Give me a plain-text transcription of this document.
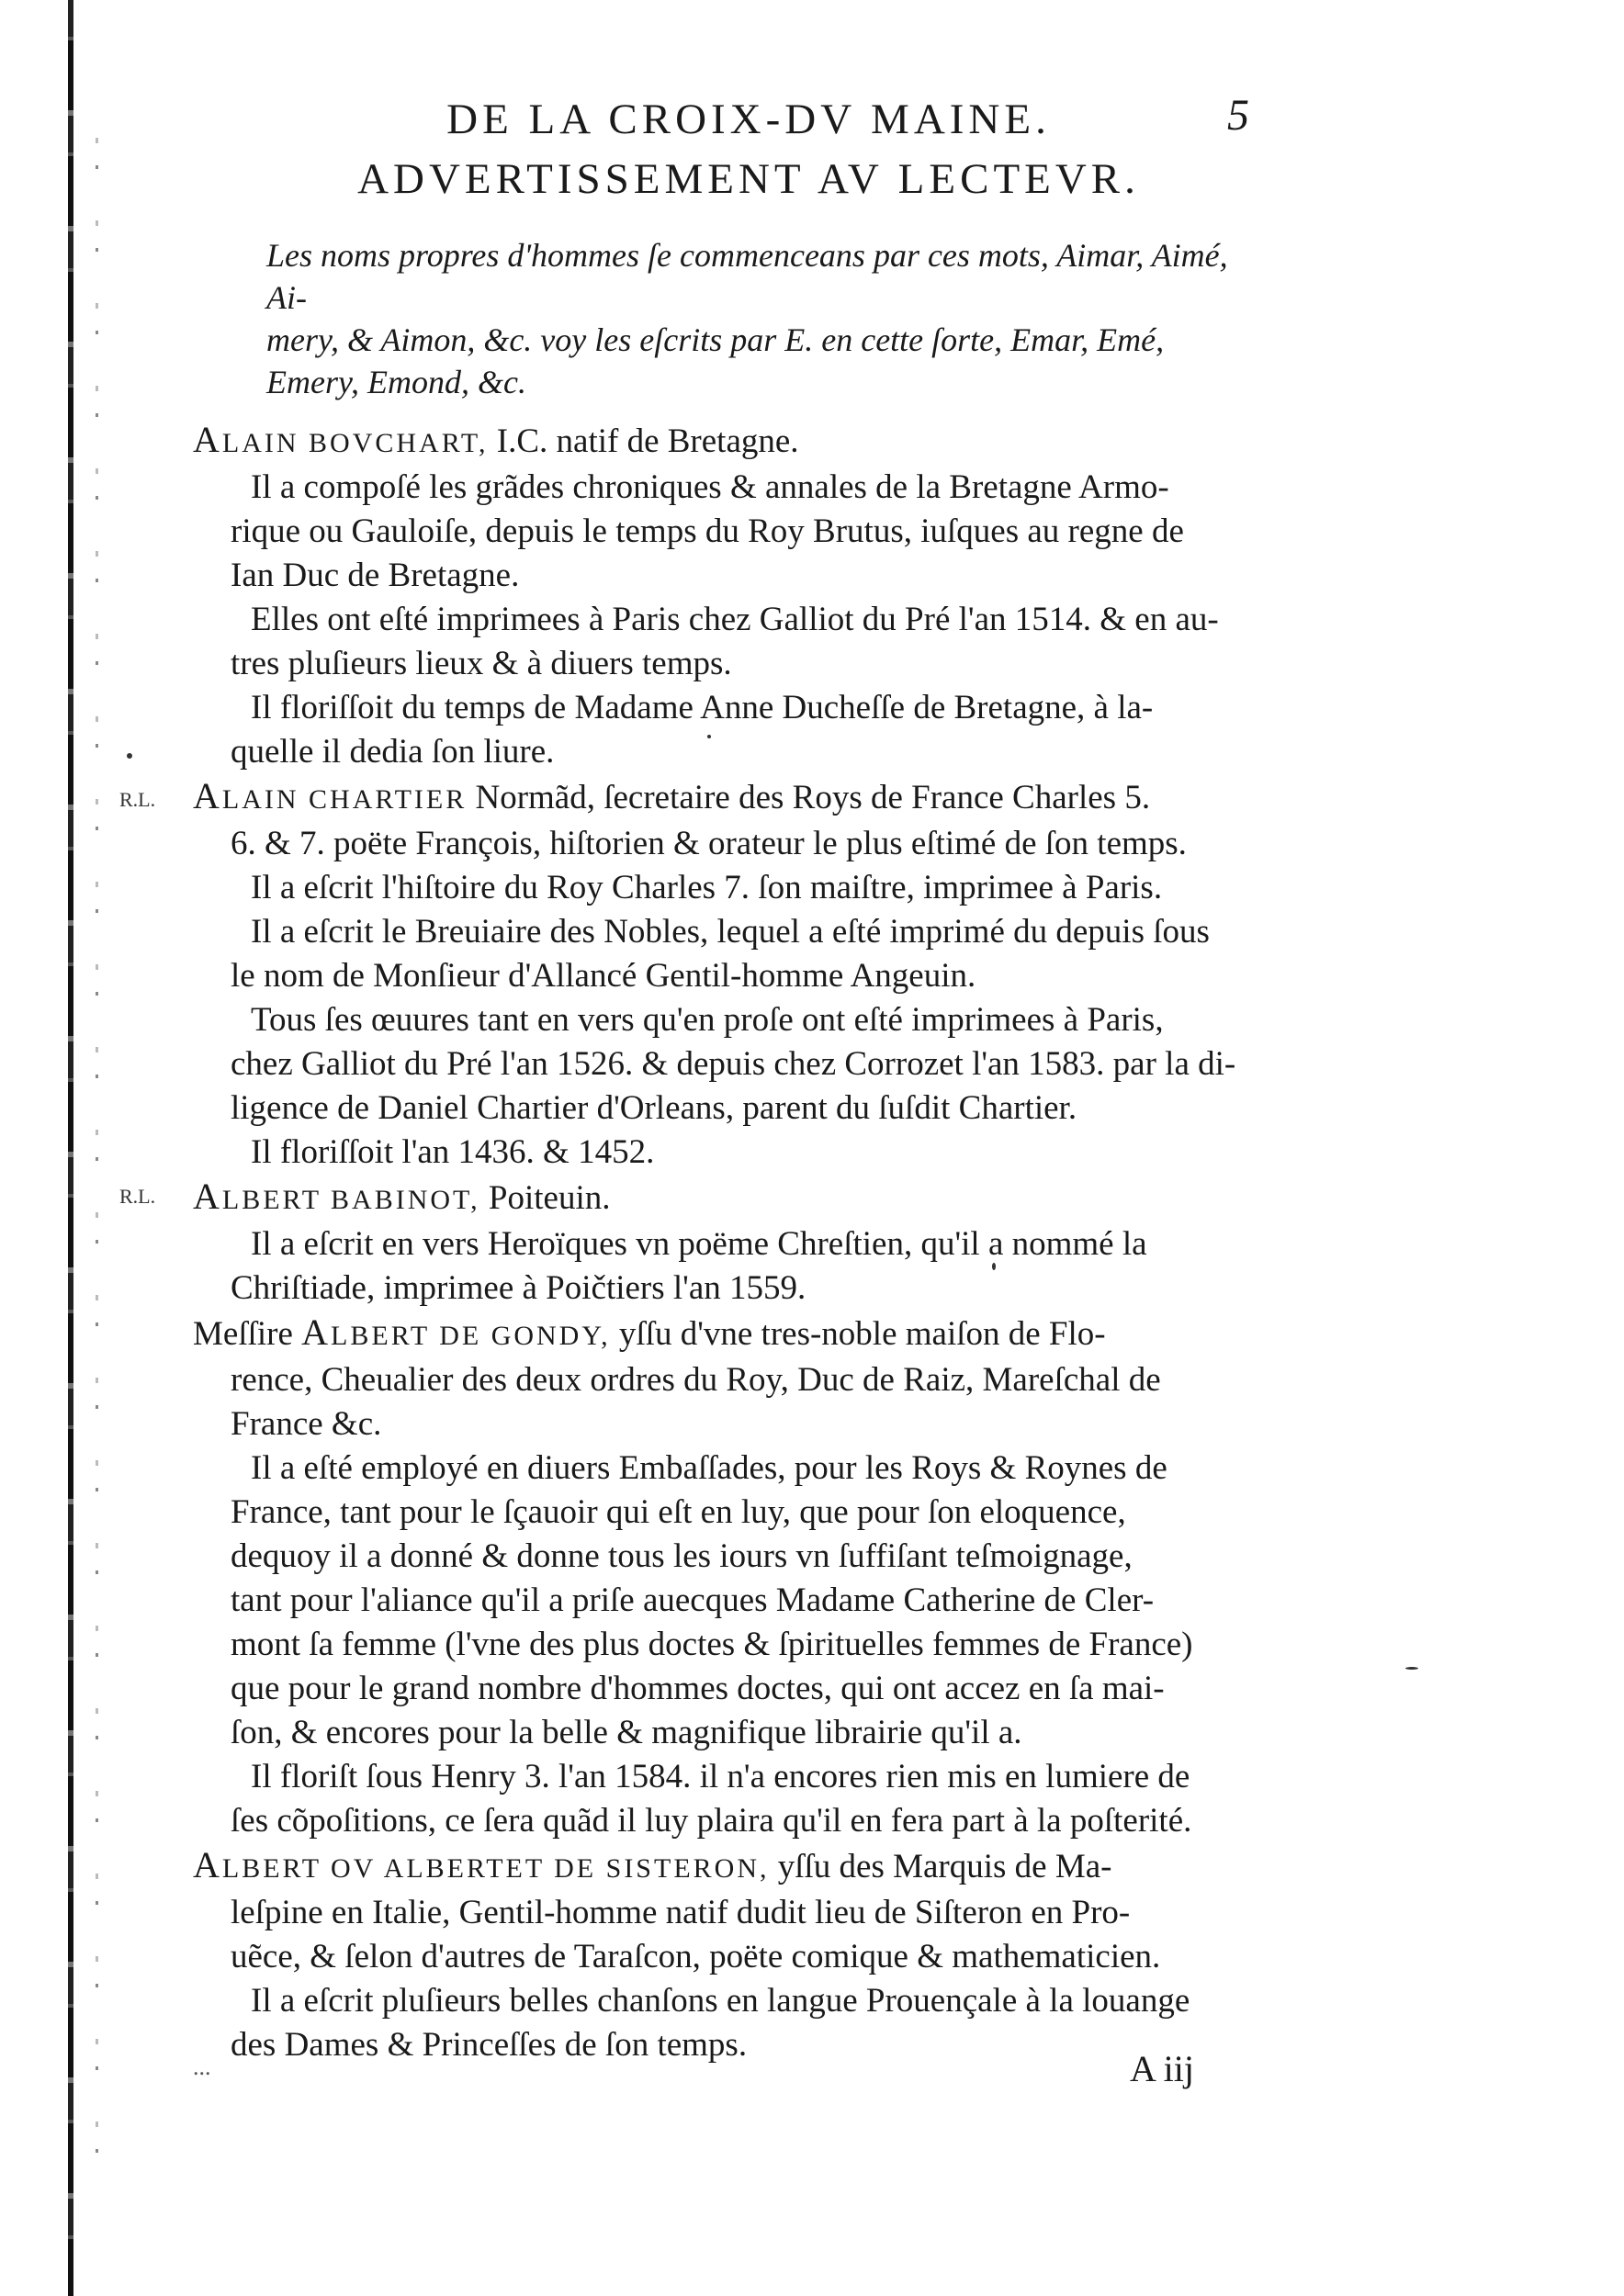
DE LA CROIX-DV MAINE.	5
ADVERTISSEMENT AV LECTEVR.
Les noms propres d'hommes ſe commenceans par ces mots, Aimar, Aimé, Ai-
mery, & Aimon, &c. voy les eſcrits par E. en cette ſorte, Emar, Emé,
Emery, Emond, &c.
ALAIN BOVCHART, I.C. natif de Bretagne.
Il a compoſé les grãdes chroniques & annales de la Bretagne Armo-
rique ou Gauloiſe, depuis le temps du Roy Brutus, iuſques au regne de
Ian Duc de Bretagne.
Elles ont eſté imprimees à Paris chez Galliot du Pré l'an 1514. & en au-
tres pluſieurs lieux & à diuers temps.
Il floriſſoit du temps de Madame Anne Ducheſſe de Bretagne, à la-
quelle il dedia ſon liure.
ALAIN CHARTIER Normãd, ſecretaire des Roys de France Charles 5.
6. & 7. poëte François, hiſtorien & orateur le plus eſtimé de ſon temps.
Il a eſcrit l'hiſtoire du Roy Charles 7. ſon maiſtre, imprimee à Paris.
Il a eſcrit le Breuiaire des Nobles, lequel a eſté imprimé du depuis ſous
le nom de Monſieur d'Allancé Gentil-homme Angeuin.
Tous ſes œuures tant en vers qu'en proſe ont eſté imprimees à Paris,
chez Galliot du Pré l'an 1526. & depuis chez Corrozet l'an 1583. par la di-
ligence de Daniel Chartier d'Orleans, parent du ſuſdit Chartier.
Il floriſſoit l'an 1436. & 1452.
ALBERT BABINOT, Poiteuin.
Il a eſcrit en vers Heroïques vn poëme Chreſtien, qu'il a nommé la
Chriſtiade, imprimee à Poičtiers l'an 1559.
Meſſire ALBERT DE GONDY, yſſu d'vne tres-noble maiſon de Flo-
rence, Cheualier des deux ordres du Roy, Duc de Raiz, Mareſchal de
France &c.
Il a eſté employé en diuers Embaſſades, pour les Roys & Roynes de
France, tant pour le ſçauoir qui eſt en luy, que pour ſon eloquence,
dequoy il a donné & donne tous les iours vn ſuffiſant teſmoignage,
tant pour l'aliance qu'il a priſe auecques Madame Catherine de Cler-
mont ſa femme (l'vne des plus doctes & ſpirituelles femmes de France)
que pour le grand nombre d'hommes doctes, qui ont accez en ſa mai-
ſon, & encores pour la belle & magnifique librairie qu'il a.
Il floriſt ſous Henry 3. l'an 1584. il n'a encores rien mis en lumiere de
ſes cõpoſitions, ce ſera quãd il luy plaira qu'il en fera part à la poſterité.
ALBERT OV ALBERTET DE SISTERON, yſſu des Marquis de Ma-
leſpine en Italie, Gentil-homme natif dudit lieu de Siſteron en Pro-
uẽce, & ſelon d'autres de Taraſcon, poëte comique & mathematicien.
Il a eſcrit pluſieurs belles chanſons en langue Prouençale à la louange
des Dames & Princeſſes de ſon temps.
R.L.
R.L.
...	A iij
